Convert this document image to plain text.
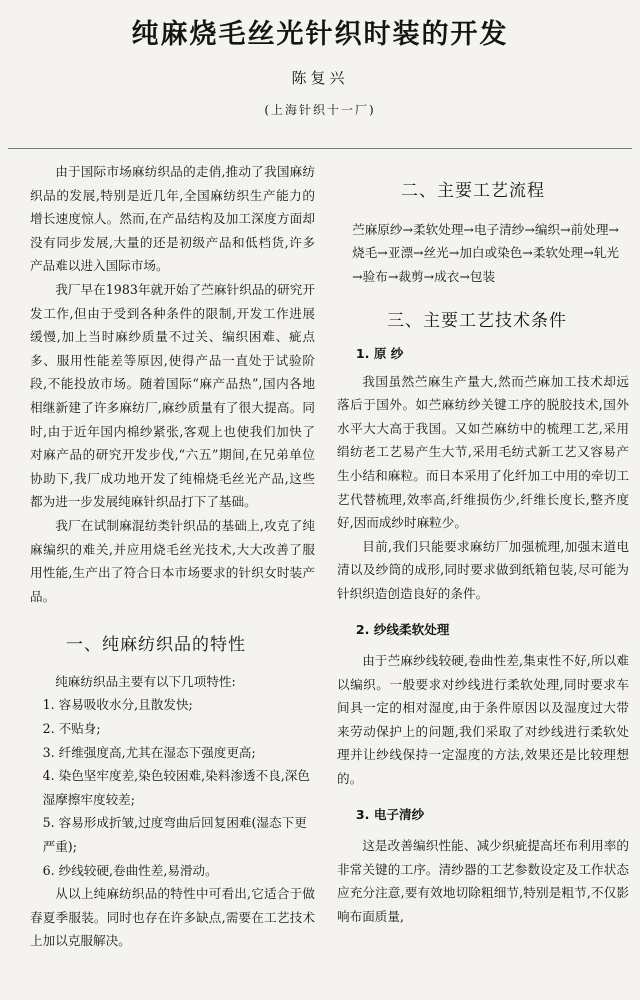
纯麻烧毛丝光针织时装的开发
陈复兴
(上海针织十一厂)

由于国际市场麻纺织品的走俏,推动了我国麻纺织品的发展,特别是近几年,全国麻纺织生产能力的增长速度惊人。然而,在产品结构及加工深度方面却没有同步发展,大量的还是初级产品和低档货,许多产品难以进入国际市场。

我厂早在1983年就开始了苎麻针织品的研究开发工作,但由于受到各种条件的限制,开发工作进展缓慢,加上当时麻纱质量不过关、编织困难、疵点多、服用性能差等原因,使得产品一直处于试验阶段,不能投放市场。随着国际“麻产品热”,国内各地相继新建了许多麻纺厂,麻纱质量有了很大提高。同时,由于近年国内棉纱紧张,客观上也使我们加快了对麻产品的研究开发步伐,“六五”期间,在兄弟单位协助下,我厂成功地开发了纯棉烧毛丝光产品,这些都为进一步发展纯麻针织品打下了基础。

我厂在试制麻混纺类针织品的基础上,攻克了纯麻编织的难关,并应用烧毛丝光技术,大大改善了服用性能,生产出了符合日本市场要求的针织女时装产品。

一、纯麻纺织品的特性

纯麻纺织品主要有以下几项特性:

1. 容易吸收水分,且散发快;
2. 不贴身;
3. 纤维强度高,尤其在湿态下强度更高;
4. 染色坚牢度差,染色较困难,染料渗透不良,深色湿摩擦牢度较差;
5. 容易形成折皱,过度弯曲后回复困难(湿态下更严重);
6. 纱线较硬,卷曲性差,易滑动。

从以上纯麻纺织品的特性中可看出,它适合于做春夏季服装。同时也存在许多缺点,需要在工艺技术上加以克服解决。

二、主要工艺流程

苎麻原纱→柔软处理→电子清纱→编织→前处理→烧毛→亚漂→丝光→加白或染色→柔软处理→轧光→验布→裁剪→成衣→包装

三、主要工艺技术条件
1. 原 纱

我国虽然苎麻生产量大,然而苎麻加工技术却远落后于国外。如苎麻纺纱关键工序的脱胶技术,国外水平大大高于我国。又如苎麻纺中的梳理工艺,采用绢纺老工艺易产生大节,采用毛纺式新工艺又容易产生小结和麻粒。而日本采用了化纤加工中用的牵切工艺代替梳理,效率高,纤维损伤少,纤维长度长,整齐度好,因而成纱时麻粒少。

目前,我们只能要求麻纺厂加强梳理,加强末道电清以及纱筒的成形,同时要求做到纸箱包装,尽可能为针织织造创造良好的条件。

2. 纱线柔软处理

由于苎麻纱线较硬,卷曲性差,集束性不好,所以难以编织。一般要求对纱线进行柔软处理,同时要求车间具一定的相对湿度,由于条件原因以及湿度过大带来劳动保护上的问题,我们采取了对纱线进行柔软处理并让纱线保持一定湿度的方法,效果还是比较理想的。

3. 电子清纱

这是改善编织性能、减少织疵提高坯布利用率的非常关键的工序。清纱器的工艺参数设定及工作状态应充分注意,要有效地切除粗细节,特别是粗节,不仅影响布面质量,
